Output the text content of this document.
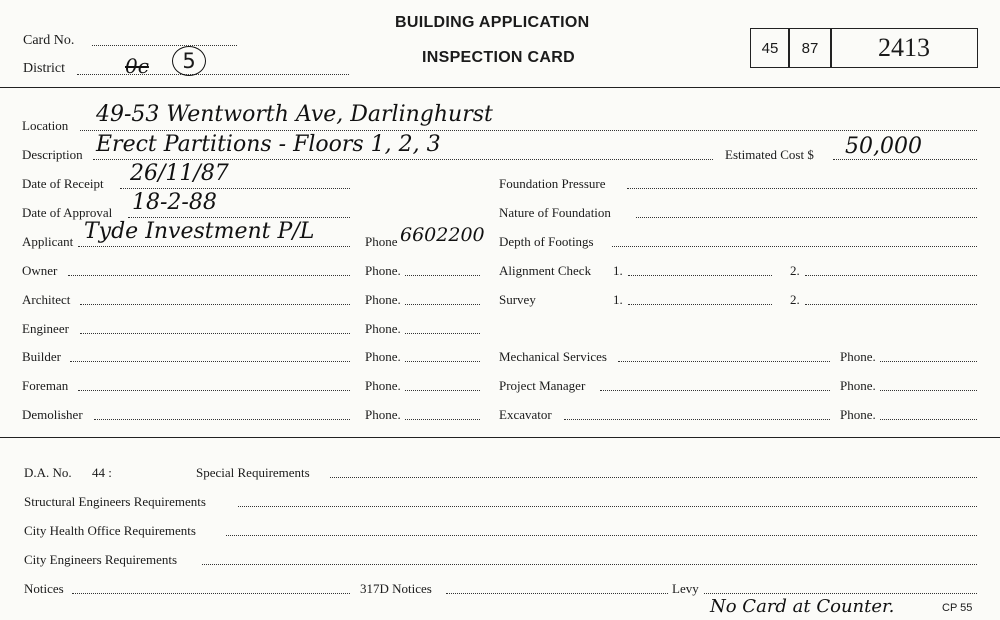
Card No.
District	0c	5
BUILDING APPLICATION
INSPECTION CARD
45	87	2413
Location 49-53 Wentworth Ave, Darlinghurst
Description Erect Partitions - Floors 1, 2, 3	Estimated Cost $ 50,000
Date of Receipt 26/11/87
Date of Approval 18-2-88
Applicant Tyde Investment P/L	Phone 6602200
Owner	Phone.
Architect	Phone.
Engineer	Phone.
Builder	Phone.
Foreman	Phone.
Demolisher	Phone.
Foundation Pressure
Nature of Foundation
Depth of Footings
Alignment Check 1.	2.
Survey	1.	2.
Mechanical Services	Phone.
Project Manager	Phone.
Excavator	Phone.
D.A. No. 44 :	Special Requirements
Structural Engineers Requirements
City Health Office Requirements
City Engineers Requirements
Notices	317D Notices	Levy
No Card at Counter.	CP 55
